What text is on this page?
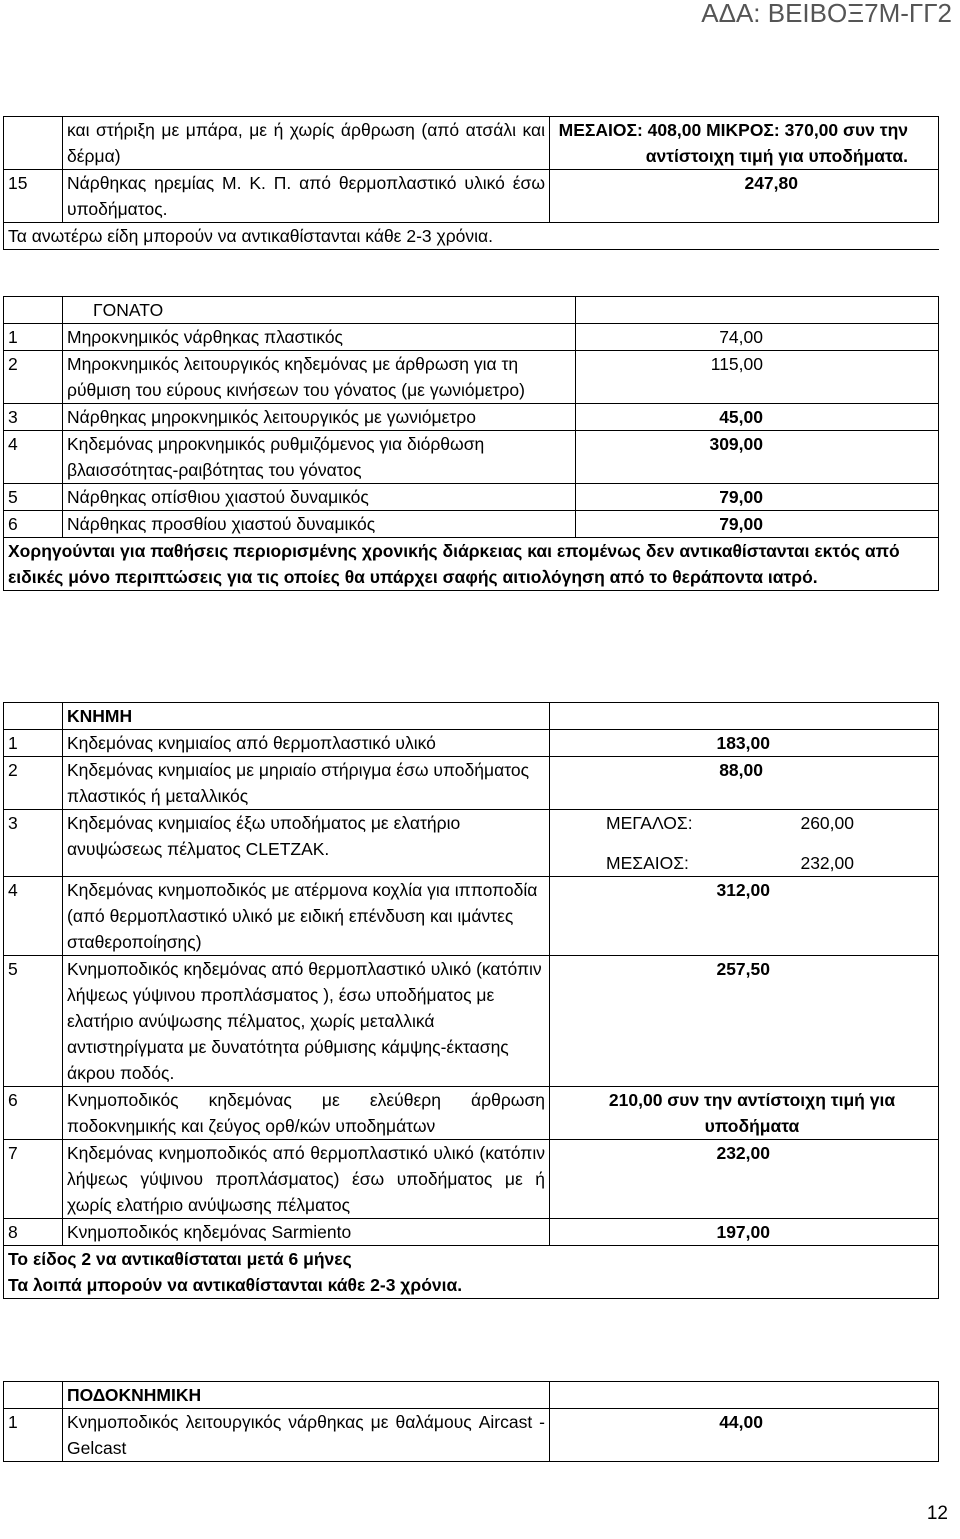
ΑΔΑ: ΒΕΙΒΟΞ7Μ-ΓΓ2
	και στήριξη με μπάρα, με ή χωρίς άρθρωση (από ατσάλι και δέρμα)	ΜΕΣΑΙΟΣ: 408,00 ΜΙΚΡΟΣ: 370,00 συν την αντίστοιχη τιμή για υποδήματα.
15	Νάρθηκας ηρεμίας Μ. Κ. Π. από θερμοπλαστικό υλικό έσω υποδήματος.	247,80
Τα ανωτέρω είδη μπορούν να αντικαθίστανται κάθε 2-3 χρόνια.		
	ΓΟΝΑΤΟ	
1	Μηροκνημικός νάρθηκας πλαστικός	74,00
2	Μηροκνημικός λειτουργικός κηδεμόνας με άρθρωση για τη ρύθμιση του εύρους κινήσεων του γόνατος (με γωνιόμετρο)	115,00
3	Νάρθηκας μηροκνημικός λειτουργικός με γωνιόμετρο	45,00
4	Κηδεμόνας μηροκνημικός ρυθμιζόμενος για διόρθωση βλαισσότητας-ραιβότητας του γόνατος	309,00
5	Νάρθηκας οπίσθιου χιαστού δυναμικός	79,00
6	Νάρθηκας προσθίου χιαστού δυναμικός	79,00
Χορηγούνται για παθήσεις περιορισμένης χρονικής διάρκειας και επομένως δεν αντικαθίστανται εκτός από ειδικές μόνο περιπτώσεις για τις οποίες θα υπάρχει σαφής αιτιολόγηση από το θεράποντα ιατρό.		
	ΚΝΗΜΗ	
1	Κηδεμόνας κνημιαίος από θερμοπλαστικό υλικό	183,00
2	Κηδεμόνας κνημιαίος με μηριαίο στήριγμα έσω υποδήματος πλαστικός ή μεταλλικός	88,00
3	Κηδεμόνας κνημιαίος έξω υποδήματος με ελατήριο ανυψώσεως πέλματος CLETZAK.	ΜΕΓΑΛΟΣ: 260,00
ΜΕΣΑΙΟΣ: 232,00

4	Κηδεμόνας κνημοποδικός με ατέρμονα κοχλία για ιπποποδία (από θερμοπλαστικό υλικό με ειδική επένδυση και ιμάντες σταθεροποίησης)	312,00
5	Κνημοποδικός κηδεμόνας από θερμοπλαστικό υλικό (κατόπιν λήψεως γύψινου προπλάσματος ), έσω υποδήματος με ελατήριο ανύψωσης πέλματος, χωρίς μεταλλικά αντιστηρίγματα με δυνατότητα ρύθμισης κάμψης-έκτασης άκρου ποδός.	257,50
6	Κνημοποδικός κηδεμόνας με ελεύθερη άρθρωση ποδοκνημικής και ζεύγος ορθ/κών υποδημάτων	210,00 συν την αντίστοιχη τιμή για υποδήματα
7	Κηδεμόνας κνημοποδικός από θερμοπλαστικό υλικό (κατόπιν λήψεως γύψινου προπλάσματος) έσω υποδήματος με ή χωρίς ελατήριο ανύψωσης πέλματος	232,00
8	Κνημοποδικός κηδεμόνας Sarmiento	197,00

Το είδος 2 να αντικαθίσταται μετά 6 μήνες
Τα λοιπά μπορούν να αντικαθίστανται κάθε 2-3 χρόνια.		
	ΠΟΔΟΚΝΗΜΙΚΗ	
1	Κνημοποδικός λειτουργικός νάρθηκας με θαλάμους Aircast - Gelcast	44,00
12
